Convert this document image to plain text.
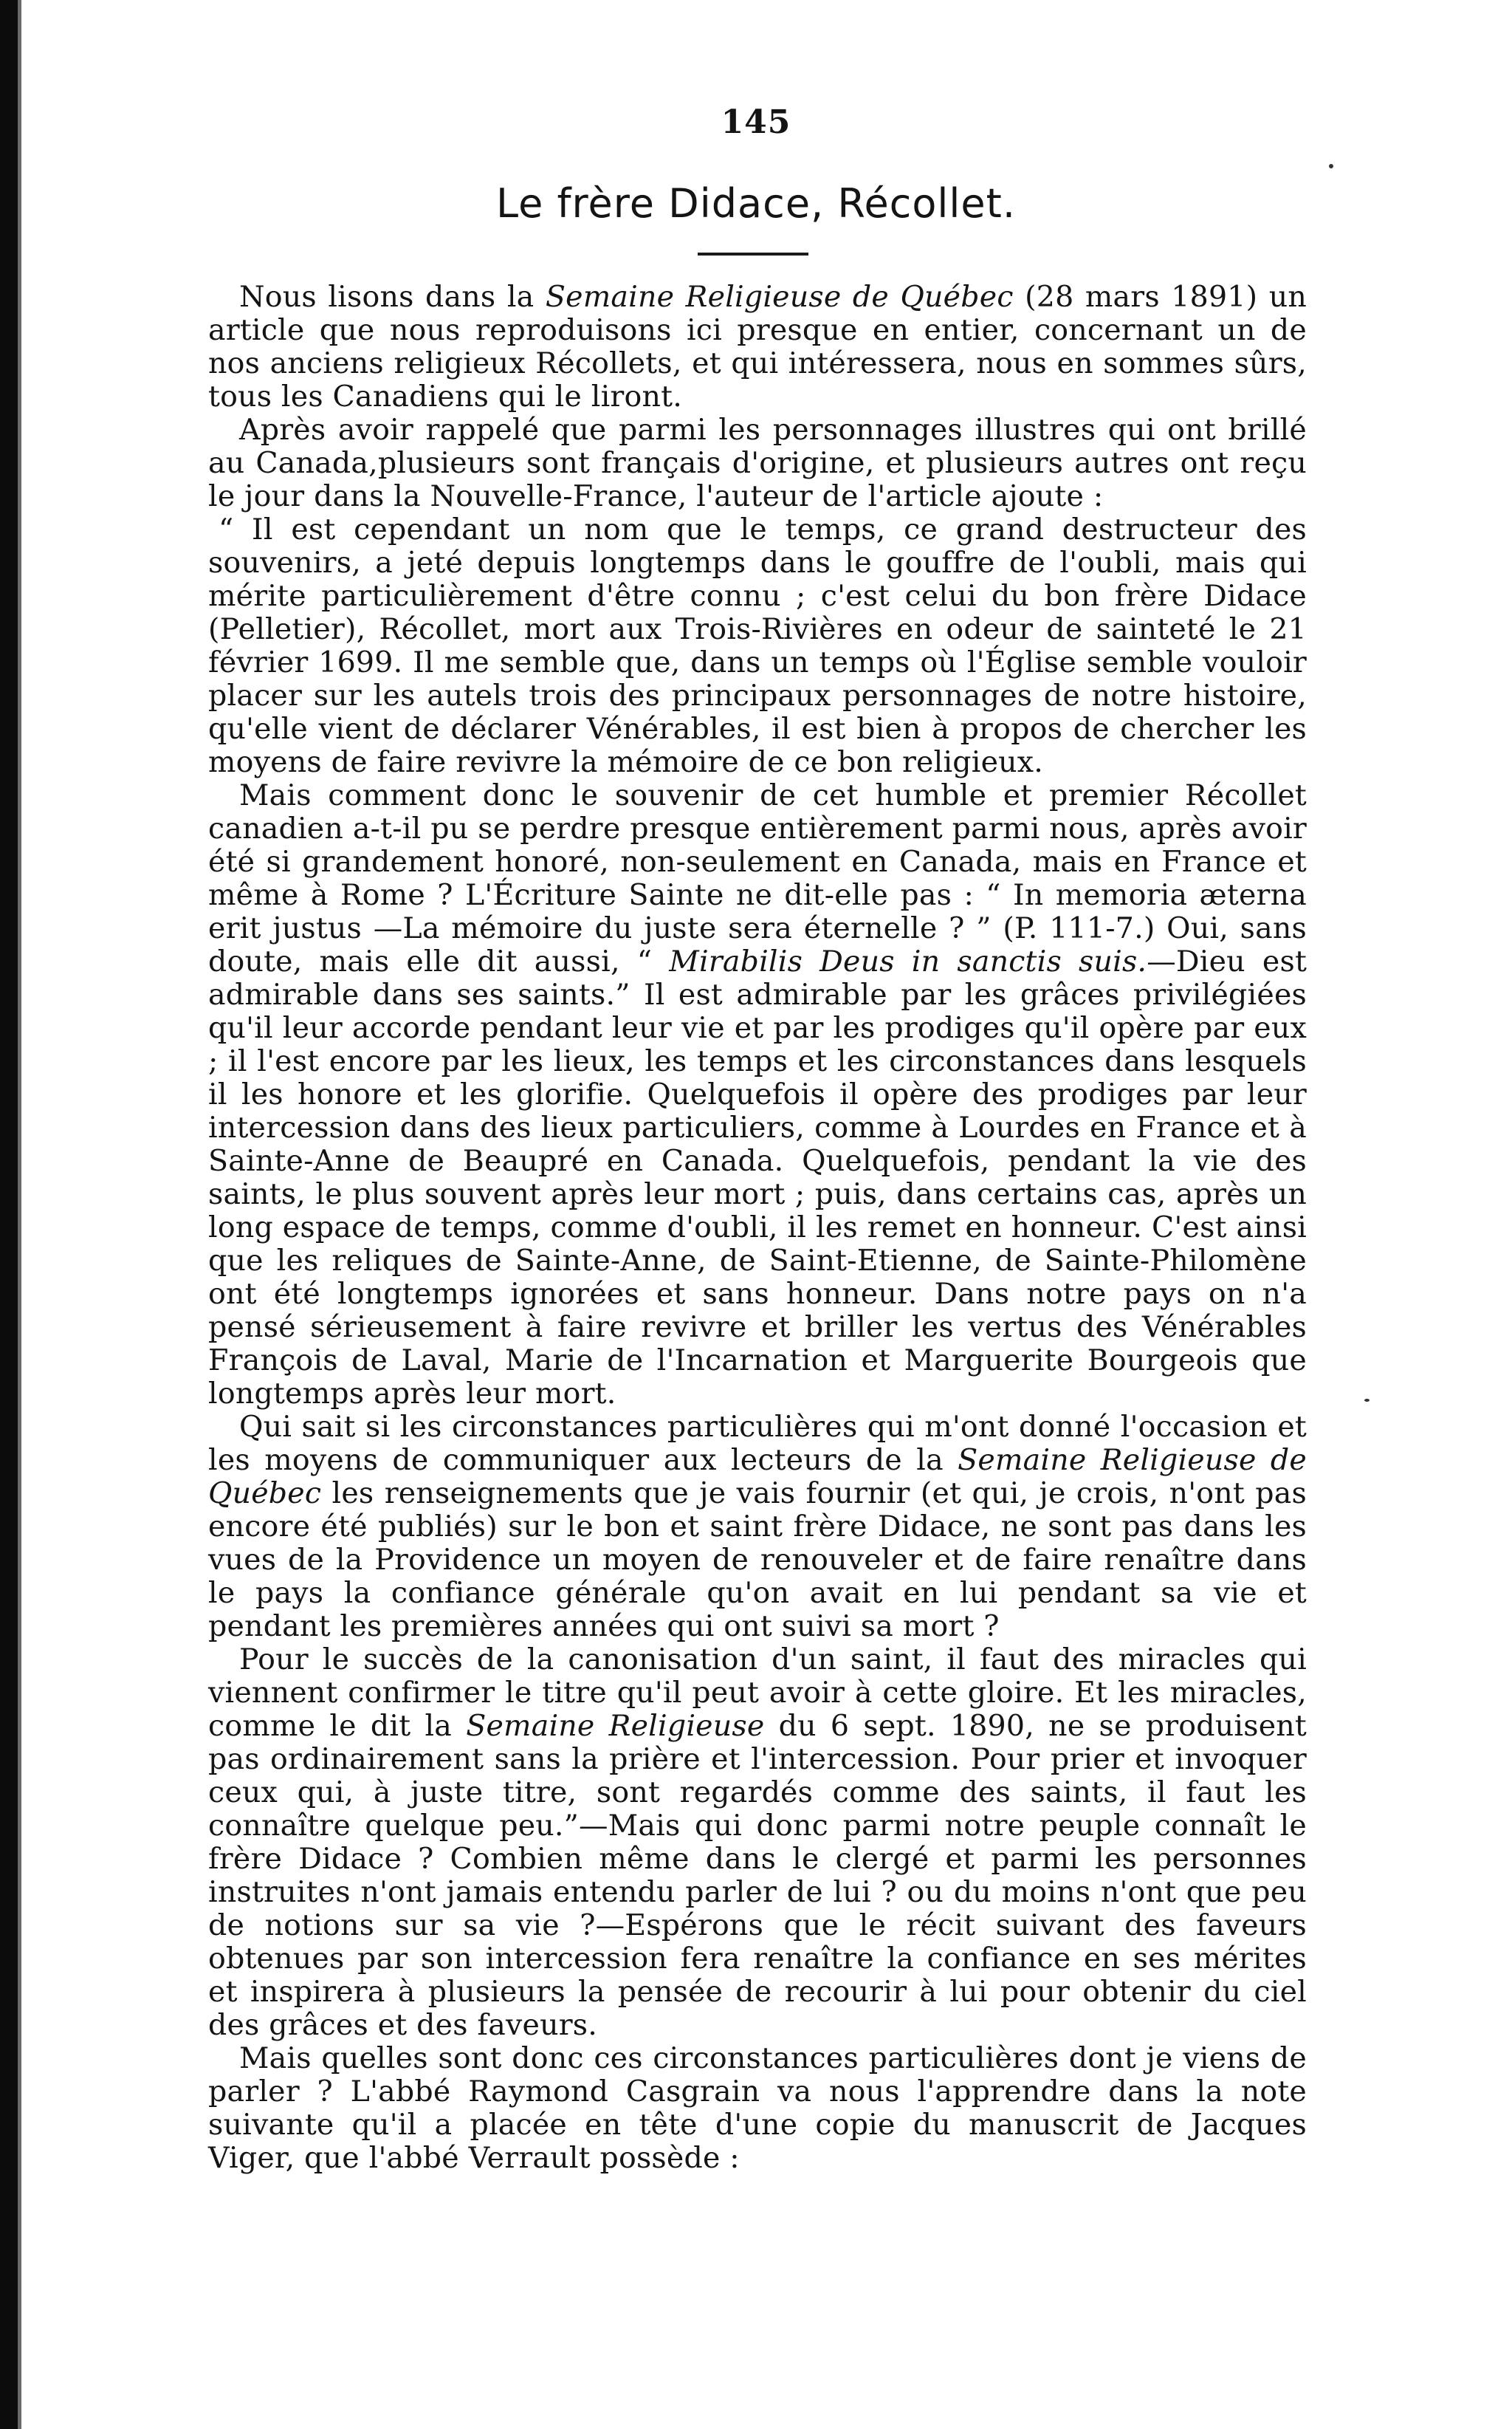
145
Le frère Didace, Récollet.

Nous lisons dans la Semaine Religieuse de Québec (28 mars 1891) un article que nous reproduisons ici presque en entier, concernant un de nos anciens religieux Récollets, et qui intéressera, nous en sommes sûrs, tous les Canadiens qui le liront.

Après avoir rappelé que parmi les personnages illustres qui ont brillé au Canada,plusieurs sont français d'origine, et plusieurs autres ont reçu le jour dans la Nouvelle-France, l'auteur de l'article ajoute :

“ Il est cependant un nom que le temps, ce grand destructeur des souvenirs, a jeté depuis longtemps dans le gouffre de l'oubli, mais qui mérite particulièrement d'être connu ; c'est celui du bon frère Didace (Pelletier), Récollet, mort aux Trois-Rivières en odeur de sainteté le 21 février 1699. Il me semble que, dans un temps où l'Église semble vouloir placer sur les autels trois des principaux personnages de notre histoire, qu'elle vient de déclarer Vénérables, il est bien à propos de chercher les moyens de faire revivre la mémoire de ce bon religieux.

Mais comment donc le souvenir de cet humble et premier Récollet canadien a-t-il pu se perdre presque entièrement parmi nous, après avoir été si grandement honoré, non-seulement en Canada, mais en France et même à Rome ? L'Écriture Sainte ne dit-elle pas : “ In memoria æterna erit justus —La mémoire du juste sera éternelle ? ” (P. 111-7.) Oui, sans doute, mais elle dit aussi, “ Mirabilis Deus in sanctis suis.—Dieu est admirable dans ses saints.” Il est admirable par les grâces privilégiées qu'il leur accorde pendant leur vie et par les prodiges qu'il opère par eux ; il l'est encore par les lieux, les temps et les circonstances dans lesquels il les honore et les glorifie. Quelquefois il opère des prodiges par leur intercession dans des lieux particuliers, comme à Lourdes en France et à Sainte-Anne de Beaupré en Canada. Quelquefois, pendant la vie des saints, le plus souvent après leur mort ; puis, dans certains cas, après un long espace de temps, comme d'oubli, il les remet en honneur. C'est ainsi que les reliques de Sainte-Anne, de Saint-Etienne, de Sainte-Philomène ont été longtemps ignorées et sans honneur. Dans notre pays on n'a pensé sérieusement à faire revivre et briller les vertus des Vénérables François de Laval, Marie de l'Incarnation et Marguerite Bourgeois que longtemps après leur mort.

Qui sait si les circonstances particulières qui m'ont donné l'occasion et les moyens de communiquer aux lecteurs de la Semaine Religieuse de Québec les renseignements que je vais fournir (et qui, je crois, n'ont pas encore été publiés) sur le bon et saint frère Didace, ne sont pas dans les vues de la Providence un moyen de renouveler et de faire renaître dans le pays la confiance générale qu'on avait en lui pendant sa vie et pendant les premières années qui ont suivi sa mort ?

Pour le succès de la canonisation d'un saint, il faut des miracles qui viennent confirmer le titre qu'il peut avoir à cette gloire. Et les miracles, comme le dit la Semaine Religieuse du 6 sept. 1890, ne se produisent pas ordinairement sans la prière et l'intercession. Pour prier et invoquer ceux qui, à juste titre, sont regardés comme des saints, il faut les connaître quelque peu.”—Mais qui donc parmi notre peuple connaît le frère Didace ? Combien même dans le clergé et parmi les personnes instruites n'ont jamais entendu parler de lui ? ou du moins n'ont que peu de notions sur sa vie ?—Espérons que le récit suivant des faveurs obtenues par son intercession fera renaître la confiance en ses mérites et inspirera à plusieurs la pensée de recourir à lui pour obtenir du ciel des grâces et des faveurs.

Mais quelles sont donc ces circonstances particulières dont je viens de parler ? L'abbé Raymond Casgrain va nous l'apprendre dans la note suivante qu'il a placée en tête d'une copie du manuscrit de Jacques Viger, que l'abbé Verrault possède :
